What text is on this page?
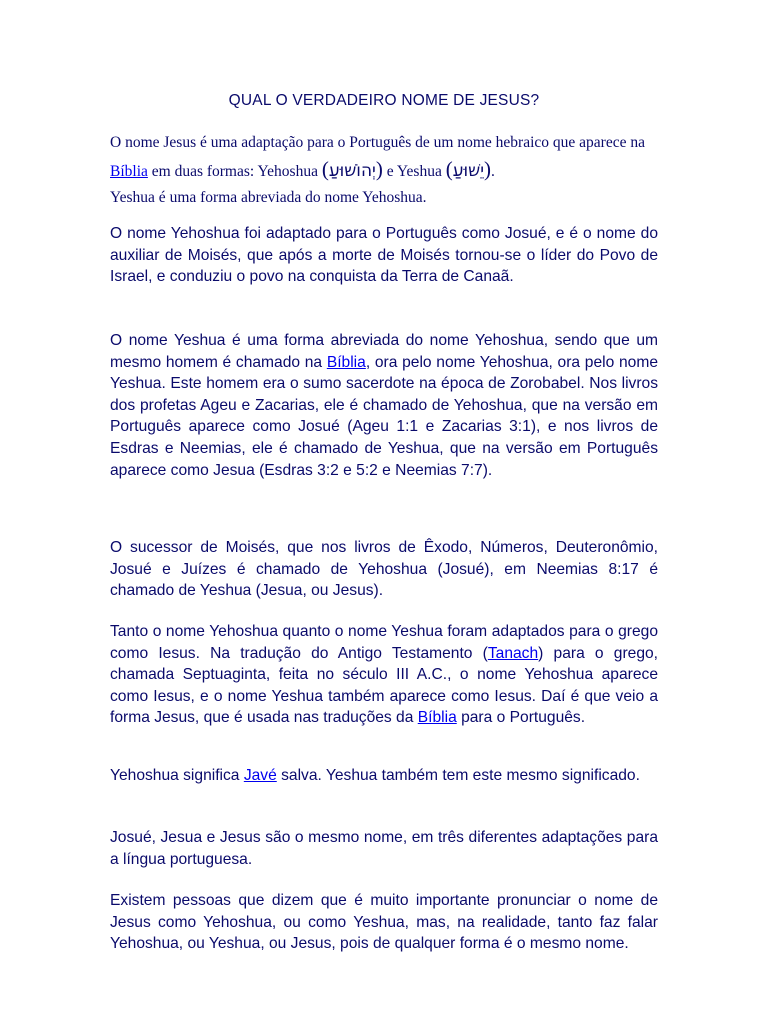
QUAL O VERDADEIRO NOME DE JESUS?
O nome Jesus é uma adaptação para o Português de um nome hebraico que aparece na Bíblia em duas formas: Yehoshua (יְהוֹשׁוּעַ) e Yeshua (יֵשׁוּעַ).
Yeshua é uma forma abreviada do nome Yehoshua.
O nome Yehoshua foi adaptado para o Português como Josué, e é o nome do auxiliar de Moisés, que após a morte de Moisés tornou-se o líder do Povo de Israel, e conduziu o povo na conquista da Terra de Canaã.
O nome Yeshua é uma forma abreviada do nome Yehoshua, sendo que um mesmo homem é chamado na Bíblia, ora pelo nome Yehoshua, ora pelo nome Yeshua. Este homem era o sumo sacerdote na época de Zorobabel. Nos livros dos profetas Ageu e Zacarias, ele é chamado de Yehoshua, que na versão em Português aparece como Josué (Ageu 1:1 e Zacarias 3:1), e nos livros de Esdras e Neemias, ele é chamado de Yeshua, que na versão em Português aparece como Jesua (Esdras 3:2 e 5:2 e Neemias 7:7).
O sucessor de Moisés, que nos livros de Êxodo, Números, Deuteronômio, Josué e Juízes é chamado de Yehoshua (Josué), em Neemias 8:17 é chamado de Yeshua (Jesua, ou Jesus).
Tanto o nome Yehoshua quanto o nome Yeshua foram adaptados para o grego como Iesus. Na tradução do Antigo Testamento (Tanach) para o grego, chamada Septuaginta, feita no século III A.C., o nome Yehoshua aparece como Iesus, e o nome Yeshua também aparece como Iesus. Daí é que veio a forma Jesus, que é usada nas traduções da Bíblia para o Português.
Yehoshua significa Javé salva. Yeshua também tem este mesmo significado.
Josué, Jesua e Jesus são o mesmo nome, em três diferentes adaptações para a língua portuguesa.
Existem pessoas que dizem que é muito importante pronunciar o nome de Jesus como Yehoshua, ou como Yeshua, mas, na realidade, tanto faz falar Yehoshua, ou Yeshua, ou Jesus, pois de qualquer forma é o mesmo nome.
